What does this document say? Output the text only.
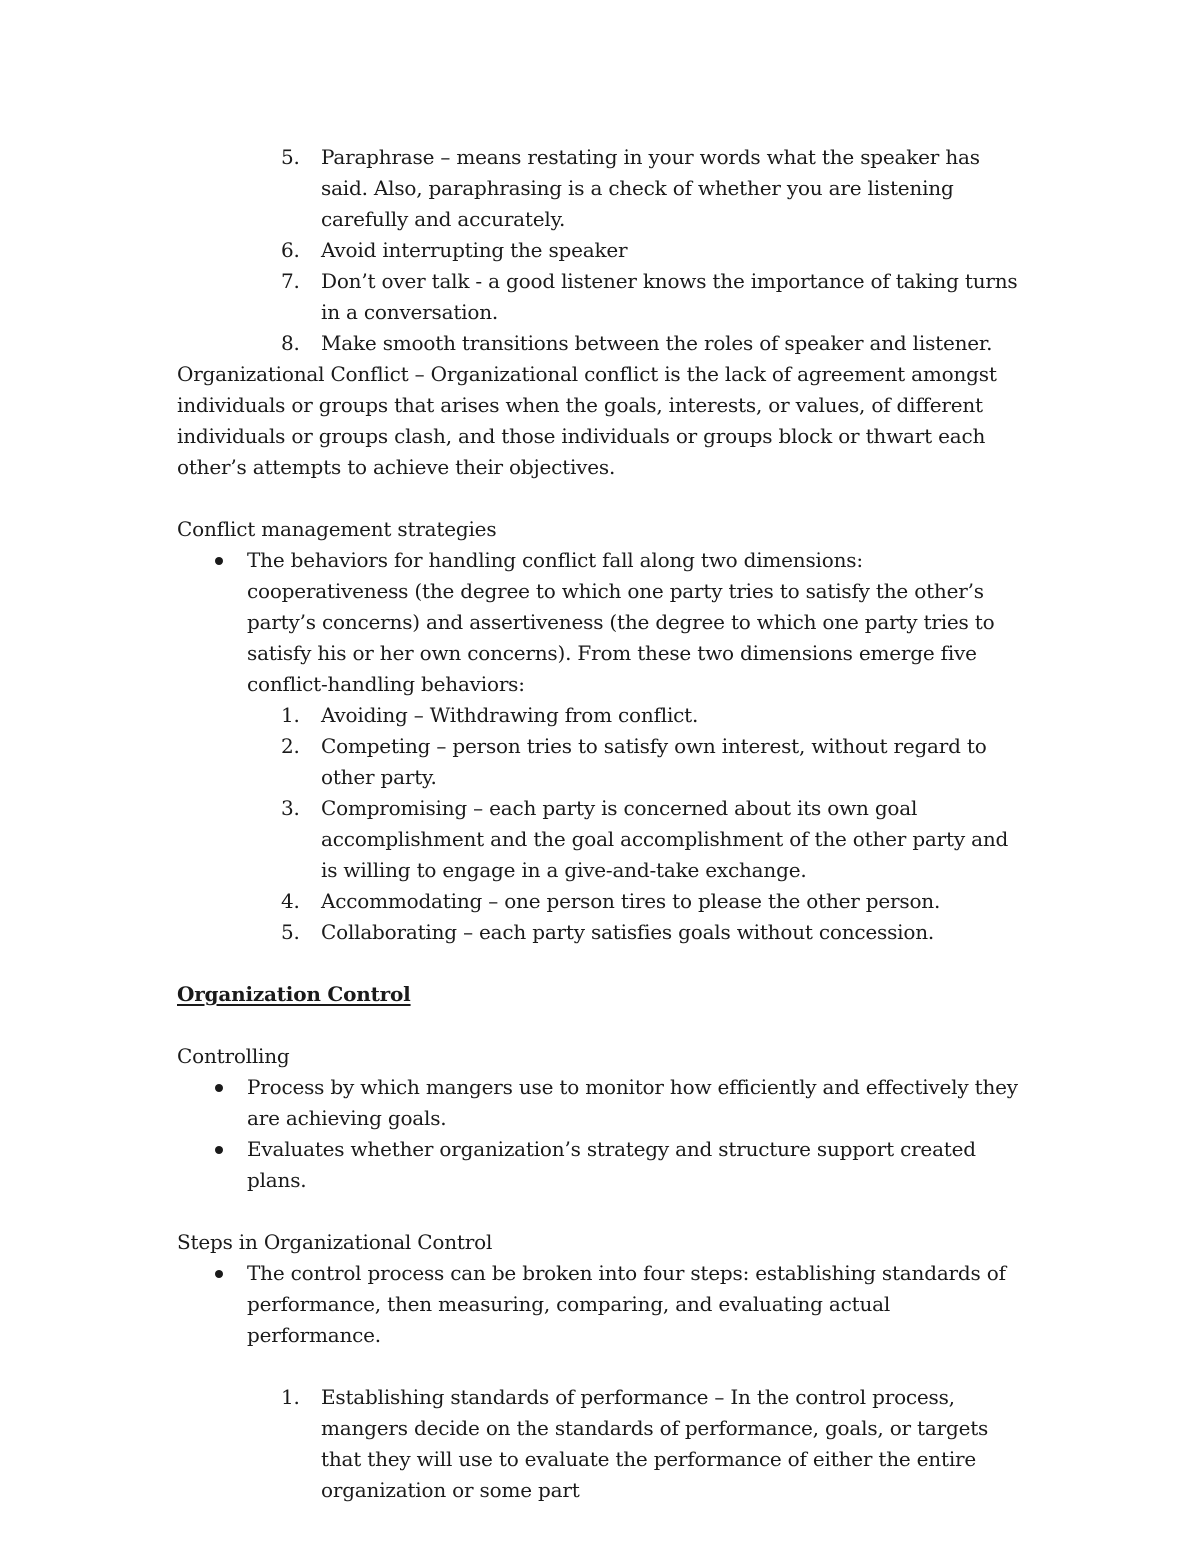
5.	Paraphrase – means restating in your words what the speaker has said. Also, paraphrasing is a check of whether you are listening carefully and accurately.
6.	Avoid interrupting the speaker
7.	Don’t over talk - a good listener knows the importance of taking turns in a conversation.
8.	Make smooth transitions between the roles of speaker and listener.

Organizational Conflict – Organizational conflict is the lack of agreement amongst individuals or groups that arises when the goals, interests, or values, of different individuals or groups clash, and those individuals or groups block or thwart each other’s attempts to achieve their objectives.

Conflict management strategies

The behaviors for handling conflict fall along two dimensions: cooperativeness (the degree to which one party tries to satisfy the other’s party’s concerns) and assertiveness (the degree to which one party tries to satisfy his or her own concerns). From these two dimensions emerge five conflict-handling behaviors:
1.	Avoiding – Withdrawing from conflict.
2.	Competing – person tries to satisfy own interest, without regard to other party.
3.	Compromising – each party is concerned about its own goal accomplishment and the goal accomplishment of the other party and is willing to engage in a give-and-take exchange.
4.	Accommodating – one person tires to please the other person.
5.	Collaborating – each party satisfies goals without concession.

Organization Control

Controlling

Process by which mangers use to monitor how efficiently and effectively they are achieving goals.
Evaluates whether organization’s strategy and structure support created plans.

Steps in Organizational Control

The control process can be broken into four steps: establishing standards of performance, then measuring, comparing, and evaluating actual performance.
1.	Establishing standards of performance – In the control process, mangers decide on the standards of performance, goals, or targets that they will use to evaluate the performance of either the entire organization or some part
